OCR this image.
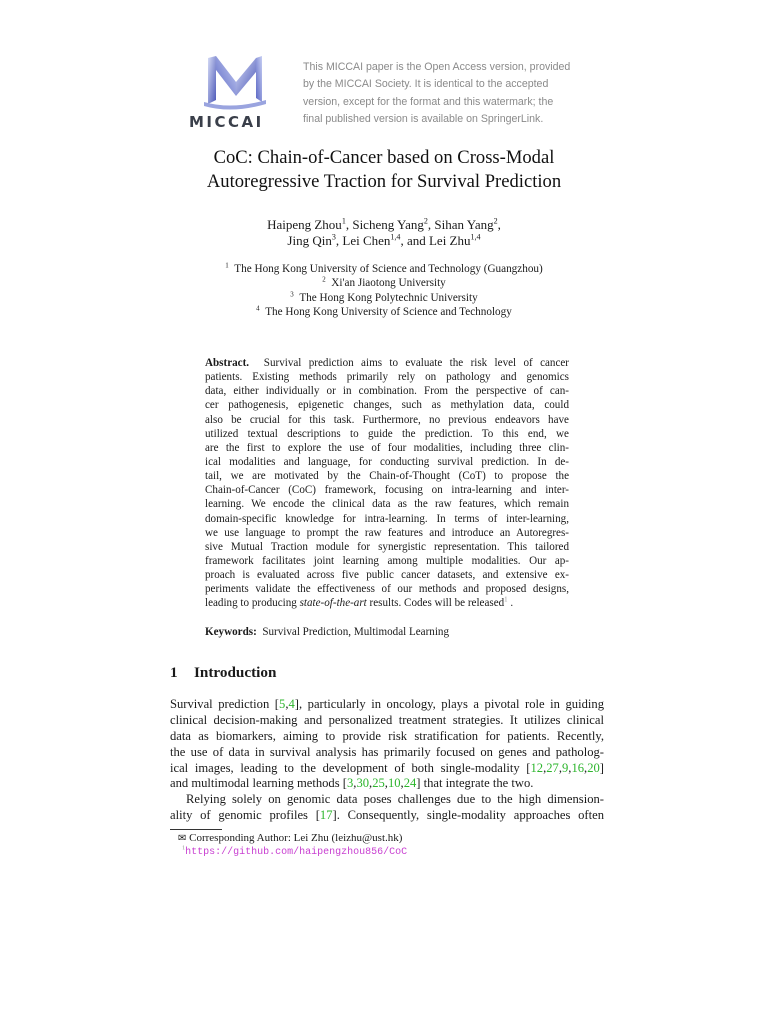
MICCAI
This MICCAI paper is the Open Access version, provided
by the MICCAI Society. It is identical to the accepted
version, except for the format and this watermark; the
final published version is available on SpringerLink.
CoC: Chain-of-Cancer based on Cross-Modal
Autoregressive Traction for Survival Prediction
Haipeng Zhou$^1$, Sicheng Yang$^2$, Sihan Yang$^2$,
Jing Qin$^3$, Lei Chen$^{1,4}$, and Lei Zhu$^{1,4}$
$^1$ The Hong Kong University of Science and Technology (Guangzhou)
$^2$ Xi'an Jiaotong University
$^3$ The Hong Kong Polytechnic University
$^4$ The Hong Kong University of Science and Technology
Abstract. Survival prediction aims to evaluate the risk level of cancer
patients. Existing methods primarily rely on pathology and genomics
data, either individually or in combination. From the perspective of can-
cer pathogenesis, epigenetic changes, such as methylation data, could
also be crucial for this task. Furthermore, no previous endeavors have
utilized textual descriptions to guide the prediction. To this end, we
are the first to explore the use of four modalities, including three clin-
ical modalities and language, for conducting survival prediction. In de-
tail, we are motivated by the Chain-of-Thought (CoT) to propose the
Chain-of-Cancer (CoC) framework, focusing on intra-learning and inter-
learning. We encode the clinical data as the raw features, which remain
domain-specific knowledge for intra-learning. In terms of inter-learning,
we use language to prompt the raw features and introduce an Autoregres-
sive Mutual Traction module for synergistic representation. This tailored
framework facilitates joint learning among multiple modalities. Our ap-
proach is evaluated across five public cancer datasets, and extensive ex-
periments validate the effectiveness of our methods and proposed designs,
leading to producing state-of-the-art results. Codes will be released$^1$ .
Keywords: Survival Prediction, Multimodal Learning
1 Introduction
Survival prediction [5,4], particularly in oncology, plays a pivotal role in guiding
clinical decision-making and personalized treatment strategies. It utilizes clinical
data as biomarkers, aiming to provide risk stratification for patients. Recently,
the use of data in survival analysis has primarily focused on genes and patholog-
ical images, leading to the development of both single-modality [12,27,9,16,20]
and multimodal learning methods [3,30,25,10,24] that integrate the two.
Relying solely on genomic data poses challenges due to the high dimension-
ality of genomic profiles [17]. Consequently, single-modality approaches often
✉ Corresponding Author: Lei Zhu (leizhu@ust.hk)
$^1$https://github.com/haipengzhou856/CoC
